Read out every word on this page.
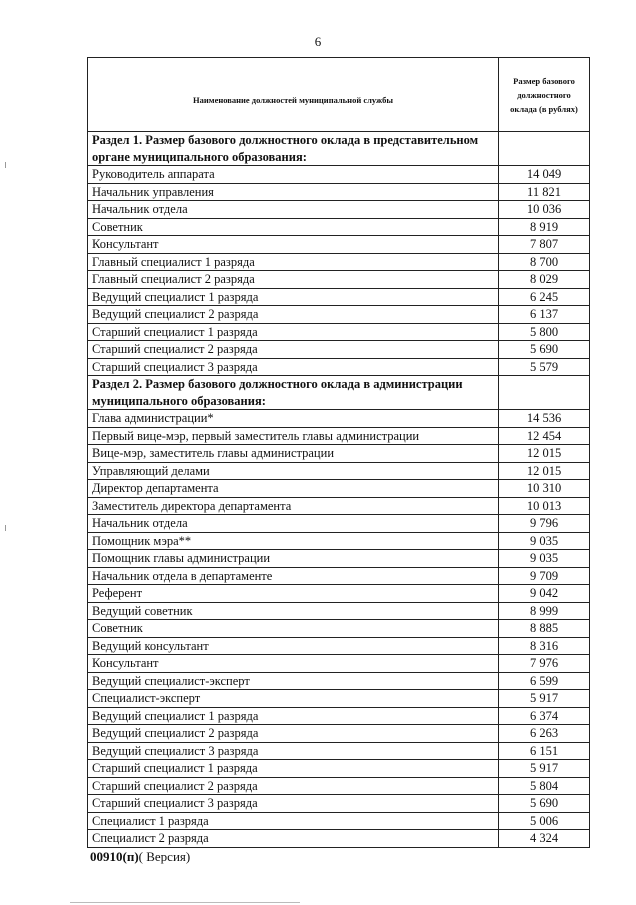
6
Наименование должностей муниципальной службы	Размер базового должностного оклада (в рублях)
Раздел 1. Размер базового должностного оклада в представительном органе муниципального образования:	
Руководитель аппарата	14 049
Начальник управления	11 821
Начальник отдела	10 036
Советник	8 919
Консультант	7 807
Главный специалист 1 разряда	8 700
Главный специалист 2 разряда	8 029
Ведущий специалист 1 разряда	6 245
Ведущий специалист 2 разряда	6 137
Старший специалист 1 разряда	5 800
Старший специалист 2 разряда	5 690
Старший специалист 3 разряда	5 579
Раздел 2. Размер базового должностного оклада в администрации муниципального образования:	
Глава администрации*	14 536
Первый вице-мэр, первый заместитель главы администрации	12 454
Вице-мэр, заместитель главы администрации	12 015
Управляющий делами	12 015
Директор департамента	10 310
Заместитель директора департамента	10 013
Начальник отдела	9 796
Помощник мэра**	9 035
Помощник главы администрации	9 035
Начальник отдела в департаменте	9 709
Референт	9 042
Ведущий советник	8 999
Советник	8 885
Ведущий консультант	8 316
Консультант	7 976
Ведущий специалист-эксперт	6 599
Специалист-эксперт	5 917
Ведущий специалист 1 разряда	6 374
Ведущий специалист 2 разряда	6 263
Ведущий специалист 3 разряда	6 151
Старший специалист 1 разряда	5 917
Старший специалист 2 разряда	5 804
Старший специалист 3 разряда	5 690
Специалист 1 разряда	5 006
Специалист 2 разряда	4 324
00910(п)( Версия)
